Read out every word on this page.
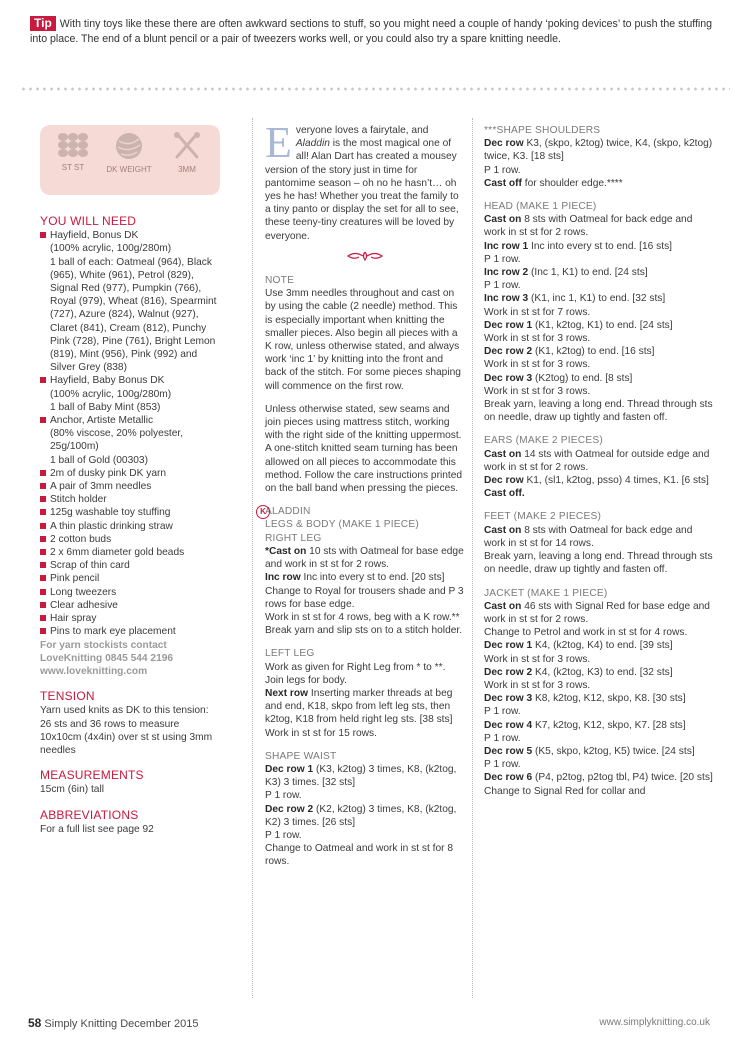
Tip With tiny toys like these there are often awkward sections to stuff, so you might need a couple of handy ‘poking devices’ to push the stuffing into place. The end of a blunt pencil or a pair of tweezers works well, or you could also try a spare knitting needle.
ST ST	DK WEIGHT	3MM
YOU WILL NEED
Hayfield, Bonus DK
(100% acrylic, 100g/280m)
1 ball of each: Oatmeal (964), Black (965), White (961), Petrol (829), Signal Red (977), Pumpkin (766), Royal (979), Wheat (816), Spearmint (727), Azure (824), Walnut (927), Claret (841), Cream (812), Punchy Pink (728), Pine (761), Bright Lemon (819), Mint (956), Pink (992) and Silver Grey (838)
Hayfield, Baby Bonus DK
(100% acrylic, 100g/280m)
1 ball of Baby Mint (853)
Anchor, Artiste Metallic
(80% viscose, 20% polyester, 25g/100m)
1 ball of Gold (00303)
2m of dusky pink DK yarn
A pair of 3mm needles
Stitch holder
125g washable toy stuffing
A thin plastic drinking straw
2 cotton buds
2 x 6mm diameter gold beads
Scrap of thin card
Pink pencil
Long tweezers
Clear adhesive
Hair spray
Pins to mark eye placement
For yarn stockists contact
LoveKnitting 0845 544 2196
www.loveknitting.com
TENSION
Yarn used knits as DK to this tension: 26 sts and 36 rows to measure 10x10cm (4x4in) over st st using 3mm needles
MEASUREMENTS
15cm (6in) tall
ABBREVIATIONS
For a full list see page 92
Everyone loves a fairytale, and Aladdin is the most magical one of all! Alan Dart has created a mousey version of the story just in time for pantomime season – oh no he hasn’t… oh yes he has! Whether you treat the family to a tiny panto or display the set for all to see, these teeny-tiny creatures will be loved by everyone.
NOTE
Use 3mm needles throughout and cast on by using the cable (2 needle) method. This is especially important when knitting the smaller pieces. Also begin all pieces with a K row, unless otherwise stated, and always work ‘inc 1’ by knitting into the front and back of the stitch. For some pieces shaping will commence on the first row.
Unless otherwise stated, sew seams and join pieces using mattress stitch, working with the right side of the knitting uppermost. A one-stitch knitted seam turning has been allowed on all pieces to accommodate this method. Follow the care instructions printed on the ball band when pressing the pieces.
K ALADDIN
LEGS & BODY (MAKE 1 PIECE)
RIGHT LEG
*Cast on 10 sts with Oatmeal for base edge and work in st st for 2 rows.
Inc row Inc into every st to end. [20 sts]
Change to Royal for trousers shade and P 3 rows for base edge.
Work in st st for 4 rows, beg with a K row.**
Break yarn and slip sts on to a stitch holder.
LEFT LEG
Work as given for Right Leg from * to **. Join legs for body.
Next row Inserting marker threads at beg and end, K18, skpo from left leg sts, then k2tog, K18 from held right leg sts. [38 sts]
Work in st st for 15 rows.
SHAPE WAIST
Dec row 1 (K3, k2tog) 3 times, K8, (k2tog, K3) 3 times. [32 sts]
P 1 row.
Dec row 2 (K2, k2tog) 3 times, K8, (k2tog, K2) 3 times. [26 sts]
P 1 row.
Change to Oatmeal and work in st st for 8 rows.
***SHAPE SHOULDERS
Dec row K3, (skpo, k2tog) twice, K4, (skpo, k2tog) twice, K3. [18 sts]
P 1 row.
Cast off for shoulder edge.****
HEAD (MAKE 1 PIECE)
Cast on 8 sts with Oatmeal for back edge and work in st st for 2 rows.
Inc row 1 Inc into every st to end. [16 sts]
P 1 row.
Inc row 2 (Inc 1, K1) to end. [24 sts]
P 1 row.
Inc row 3 (K1, inc 1, K1) to end. [32 sts]
Work in st st for 7 rows.
Dec row 1 (K1, k2tog, K1) to end. [24 sts]
Work in st st for 3 rows.
Dec row 2 (K1, k2tog) to end. [16 sts]
Work in st st for 3 rows.
Dec row 3 (K2tog) to end. [8 sts]
Work in st st for 3 rows.
Break yarn, leaving a long end. Thread through sts on needle, draw up tightly and fasten off.
EARS (MAKE 2 PIECES)
Cast on 14 sts with Oatmeal for outside edge and work in st st for 2 rows.
Dec row K1, (sl1, k2tog, psso) 4 times, K1. [6 sts]
Cast off.
FEET (MAKE 2 PIECES)
Cast on 8 sts with Oatmeal for back edge and work in st st for 14 rows.
Break yarn, leaving a long end. Thread through sts on needle, draw up tightly and fasten off.
JACKET (MAKE 1 PIECE)
Cast on 46 sts with Signal Red for base edge and work in st st for 2 rows.
Change to Petrol and work in st st for 4 rows.
Dec row 1 K4, (k2tog, K4) to end. [39 sts]
Work in st st for 3 rows.
Dec row 2 K4, (k2tog, K3) to end. [32 sts]
Work in st st for 3 rows.
Dec row 3 K8, k2tog, K12, skpo, K8. [30 sts]
P 1 row.
Dec row 4 K7, k2tog, K12, skpo, K7. [28 sts]
P 1 row.
Dec row 5 (K5, skpo, k2tog, K5) twice. [24 sts]
P 1 row.
Dec row 6 (P4, p2tog, p2tog tbl, P4) twice. [20 sts]
Change to Signal Red for collar and
58 Simply Knitting December 2015	www.simplyknitting.co.uk
